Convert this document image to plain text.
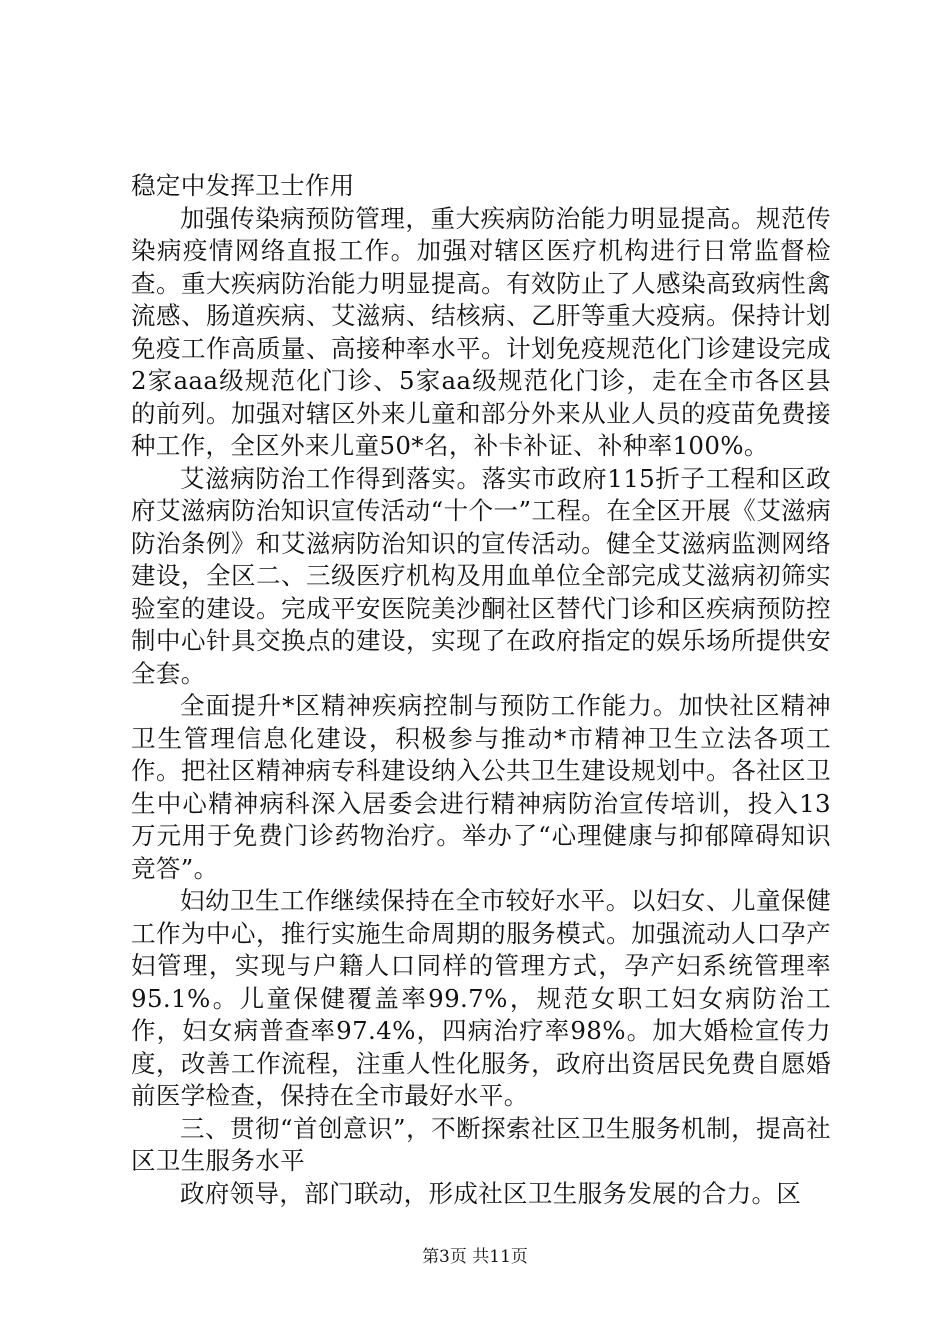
稳定中发挥卫士作用

加强传染病预防管理，重大疾病防治能力明显提高。规范传染病疫情网络直报工作。加强对辖区医疗机构进行日常监督检查。重大疾病防治能力明显提高。有效防止了人感染高致病性禽流感、肠道疾病、艾滋病、结核病、乙肝等重大疫病。保持计划免疫工作高质量、高接种率水平。计划免疫规范化门诊建设完成2家aaa级规范化门诊、5家aa级规范化门诊，走在全市各区县的前列。加强对辖区外来儿童和部分外来从业人员的疫苗免费接种工作，全区外来儿童50*名，补卡补证、补种率100%。

艾滋病防治工作得到落实。落实市政府115折子工程和区政府艾滋病防治知识宣传活动“十个一”工程。在全区开展《艾滋病防治条例》和艾滋病防治知识的宣传活动。健全艾滋病监测网络建设，全区二、三级医疗机构及用血单位全部完成艾滋病初筛实验室的建设。完成平安医院美沙酮社区替代门诊和区疾病预防控制中心针具交换点的建设，实现了在政府指定的娱乐场所提供安全套。

全面提升*区精神疾病控制与预防工作能力。加快社区精神卫生管理信息化建设，积极参与推动*市精神卫生立法各项工作。把社区精神病专科建设纳入公共卫生建设规划中。各社区卫生中心精神病科深入居委会进行精神病防治宣传培训，投入13万元用于免费门诊药物治疗。举办了“心理健康与抑郁障碍知识竞答”。

妇幼卫生工作继续保持在全市较好水平。以妇女、儿童保健工作为中心，推行实施生命周期的服务模式。加强流动人口孕产妇管理，实现与户籍人口同样的管理方式，孕产妇系统管理率95.1%。儿童保健覆盖率99.7%，规范女职工妇女病防治工作，妇女病普查率97.4%，四病治疗率98%。加大婚检宣传力度，改善工作流程，注重人性化服务，政府出资居民免费自愿婚前医学检查，保持在全市最好水平。

三、贯彻“首创意识”，不断探索社区卫生服务机制，提高社区卫生服务水平

政府领导，部门联动，形成社区卫生服务发展的合力。区

第3页 共11页
